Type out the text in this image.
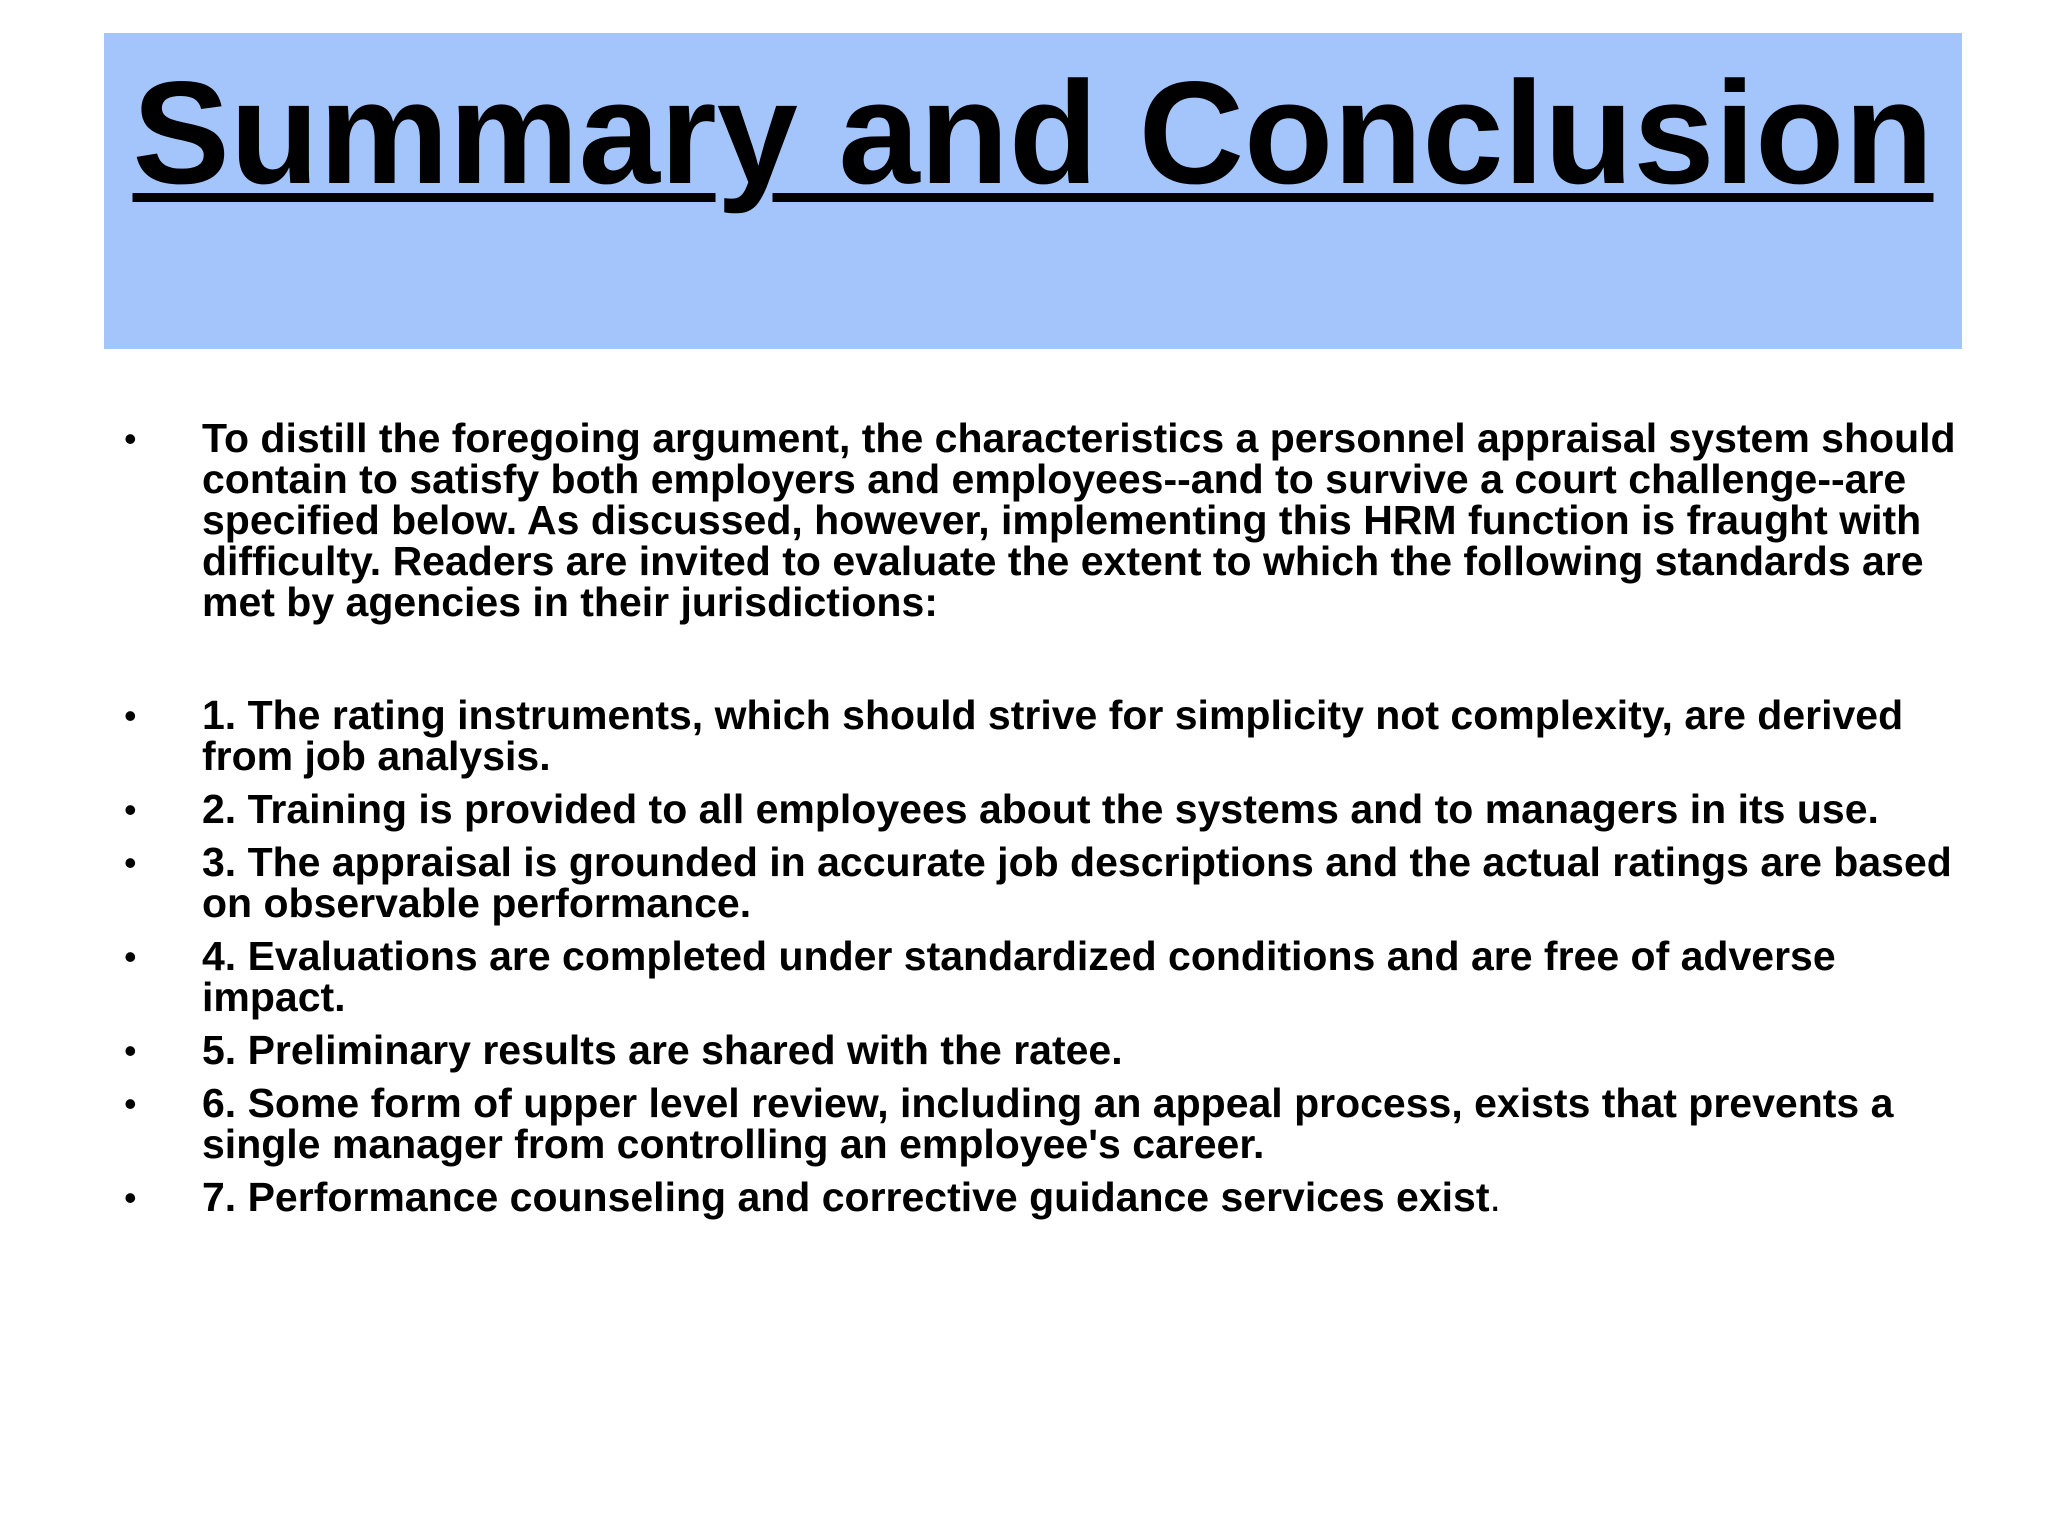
Summary and Conclusion
• To distill the foregoing argument, the characteristics a personnel appraisal system should contain to satisfy both employers and employees--and to survive a court challenge--are specified below. As discussed, however, implementing this HRM function is fraught with difficulty. Readers are invited to evaluate the extent to which the following standards are met by agencies in their jurisdictions:
• 1. The rating instruments, which should strive for simplicity not complexity, are derived from job analysis.
• 2. Training is provided to all employees about the systems and to managers in its use.
• 3. The appraisal is grounded in accurate job descriptions and the actual ratings are based on observable performance.
• 4. Evaluations are completed under standardized conditions and are free of adverse impact.
• 5. Preliminary results are shared with the ratee.
• 6. Some form of upper level review, including an appeal process, exists that prevents a single manager from controlling an employee's career.
• 7. Performance counseling and corrective guidance services exist.
